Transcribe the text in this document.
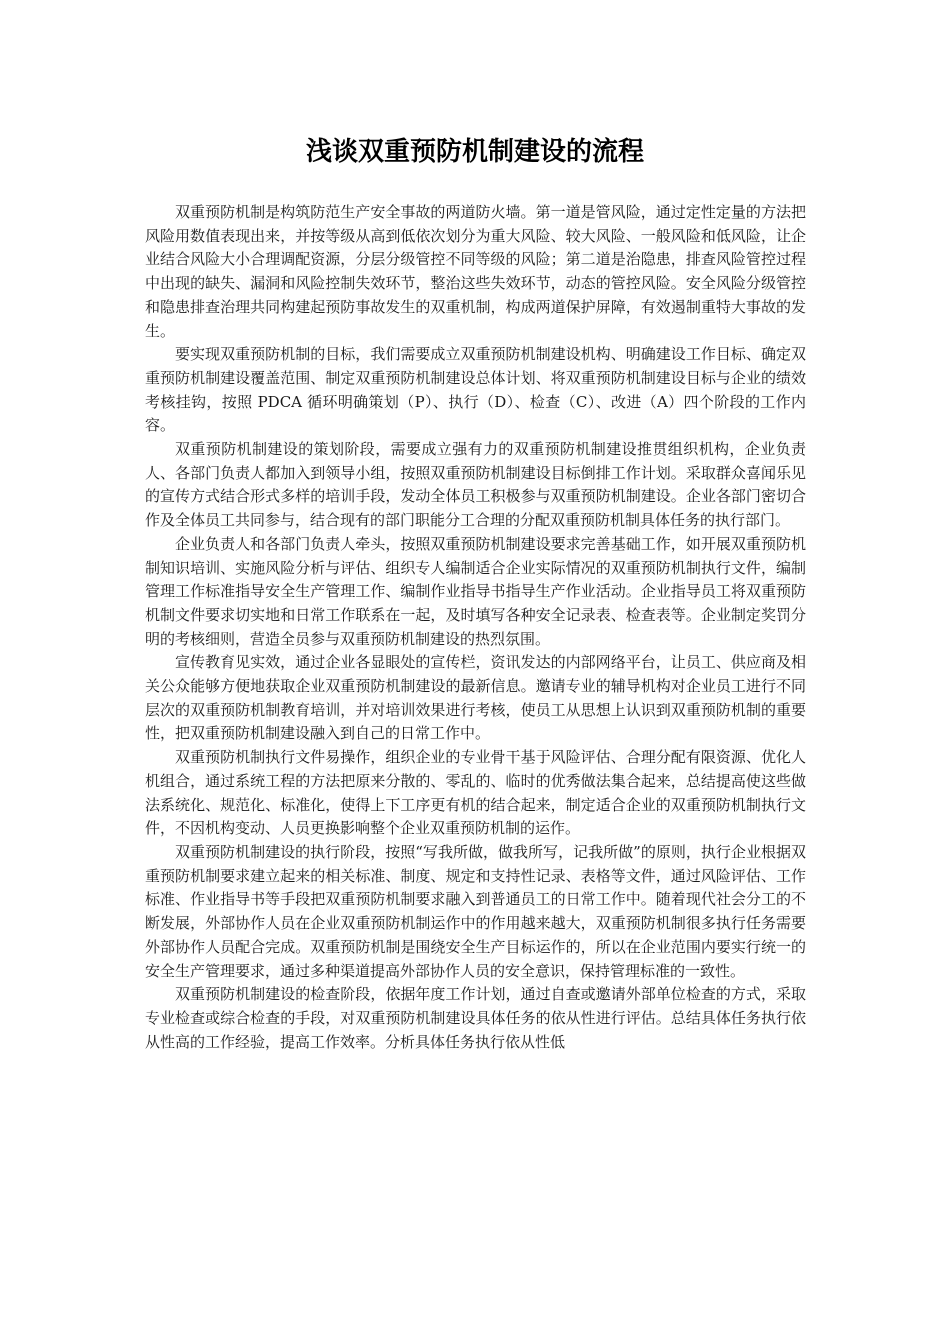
浅谈双重预防机制建设的流程

双重预防机制是构筑防范生产安全事故的两道防火墙。第一道是管风险，通过定性定量的方法把风险用数值表现出来，并按等级从高到低依次划分为重大风险、较大风险、一般风险和低风险，让企业结合风险大小合理调配资源，分层分级管控不同等级的风险；第二道是治隐患，排查风险管控过程中出现的缺失、漏洞和风险控制失效环节，整治这些失效环节，动态的管控风险。安全风险分级管控和隐患排查治理共同构建起预防事故发生的双重机制，构成两道保护屏障，有效遏制重特大事故的发生。

要实现双重预防机制的目标，我们需要成立双重预防机制建设机构、明确建设工作目标、确定双重预防机制建设覆盖范围、制定双重预防机制建设总体计划、将双重预防机制建设目标与企业的绩效考核挂钩，按照 PDCA 循环明确策划（P）、执行（D）、检查（C）、改进（A）四个阶段的工作内容。

双重预防机制建设的策划阶段，需要成立强有力的双重预防机制建设推贯组织机构，企业负责人、各部门负责人都加入到领导小组，按照双重预防机制建设目标倒排工作计划。采取群众喜闻乐见的宣传方式结合形式多样的培训手段，发动全体员工积极参与双重预防机制建设。企业各部门密切合作及全体员工共同参与，结合现有的部门职能分工合理的分配双重预防机制具体任务的执行部门。

企业负责人和各部门负责人牵头，按照双重预防机制建设要求完善基础工作，如开展双重预防机制知识培训、实施风险分析与评估、组织专人编制适合企业实际情况的双重预防机制执行文件，编制管理工作标准指导安全生产管理工作、编制作业指导书指导生产作业活动。企业指导员工将双重预防机制文件要求切实地和日常工作联系在一起，及时填写各种安全记录表、检查表等。企业制定奖罚分明的考核细则，营造全员参与双重预防机制建设的热烈氛围。

宣传教育见实效，通过企业各显眼处的宣传栏，资讯发达的内部网络平台，让员工、供应商及相关公众能够方便地获取企业双重预防机制建设的最新信息。邀请专业的辅导机构对企业员工进行不同层次的双重预防机制教育培训，并对培训效果进行考核，使员工从思想上认识到双重预防机制的重要性，把双重预防机制建设融入到自己的日常工作中。

双重预防机制执行文件易操作，组织企业的专业骨干基于风险评估、合理分配有限资源、优化人机组合，通过系统工程的方法把原来分散的、零乱的、临时的优秀做法集合起来，总结提高使这些做法系统化、规范化、标准化，使得上下工序更有机的结合起来，制定适合企业的双重预防机制执行文件，不因机构变动、人员更换影响整个企业双重预防机制的运作。

双重预防机制建设的执行阶段，按照“写我所做，做我所写，记我所做”的原则，执行企业根据双重预防机制要求建立起来的相关标准、制度、规定和支持性记录、表格等文件，通过风险评估、工作标准、作业指导书等手段把双重预防机制要求融入到普通员工的日常工作中。随着现代社会分工的不断发展，外部协作人员在企业双重预防机制运作中的作用越来越大，双重预防机制很多执行任务需要外部协作人员配合完成。双重预防机制是围绕安全生产目标运作的，所以在企业范围内要实行统一的安全生产管理要求，通过多种渠道提高外部协作人员的安全意识，保持管理标准的一致性。

双重预防机制建设的检查阶段，依据年度工作计划，通过自查或邀请外部单位检查的方式，采取专业检查或综合检查的手段，对双重预防机制建设具体任务的依从性进行评估。总结具体任务执行依从性高的工作经验，提高工作效率。分析具体任务执行依从性低
